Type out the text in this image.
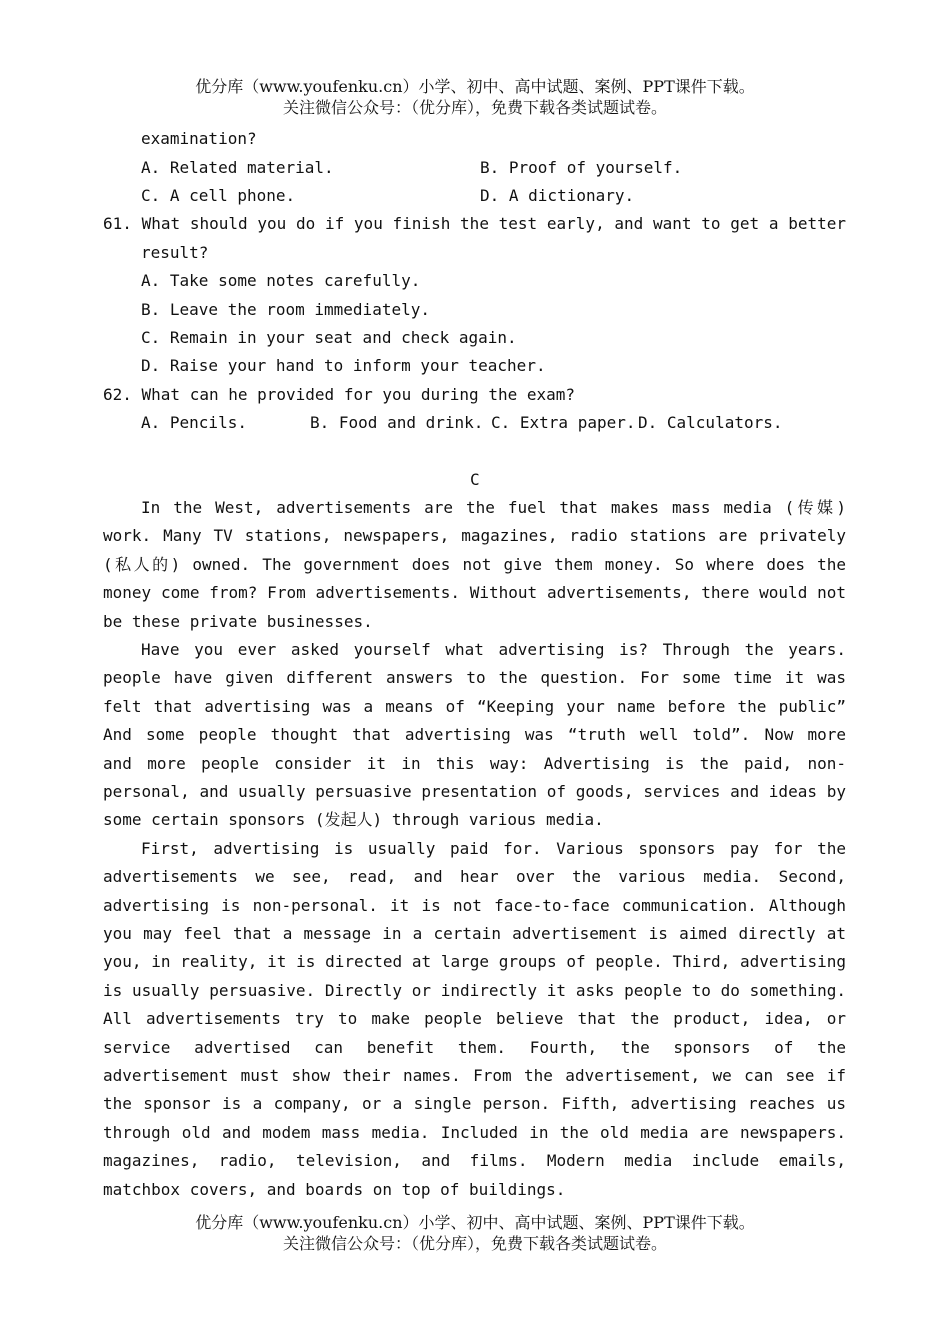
优分库（www.youfenku.cn）小学、初中、高中试题、案例、PPT课件下载。
关注微信公众号：（优分库），免费下载各类试题试卷。
examination?
A. Related material.	B. Proof of yourself.
C. A cell phone.	D. A dictionary.
61. What should you do if you finish the test early, and want to get a better
result?
A. Take some notes carefully.
B. Leave the room immediately.
C. Remain in your seat and check again.
D. Raise your hand to inform your teacher.
62. What can he provided for you during the exam?
A. Pencils.	B. Food and drink. C. Extra paper. D. Calculators.
C
In the West, advertisements are the fuel that makes mass media (传媒)
work. Many TV stations, newspapers, magazines, radio stations are privately
(私人的) owned. The government does not give them money. So where does the
money come from? From advertisements. Without advertisements, there would not
be these private businesses.
Have you ever asked yourself what advertising is? Through the years.
people have given different answers to the question. For some time it was
felt that advertising was a means of “Keeping your name before the public”
And some people thought that advertising was “truth well told”. Now more
and more people consider it in this way: Advertising is the paid, non-
personal, and usually persuasive presentation of goods, services and ideas by
some certain sponsors (发起人) through various media.
First, advertising is usually paid for. Various sponsors pay for the
advertisements we see, read, and hear over the various media. Second,
advertising is non-personal. it is not face-to-face communication. Although
you may feel that a message in a certain advertisement is aimed directly at
you, in reality, it is directed at large groups of people. Third, advertising
is usually persuasive. Directly or indirectly it asks people to do something.
All advertisements try to make people believe that the product, idea, or
service advertised can benefit them. Fourth, the sponsors of the
advertisement must show their names. From the advertisement, we can see if
the sponsor is a company, or a single person. Fifth, advertising reaches us
through old and modem mass media. Included in the old media are newspapers.
magazines, radio, television, and films. Modern media include emails,
matchbox covers, and boards on top of buildings.
优分库（www.youfenku.cn）小学、初中、高中试题、案例、PPT课件下载。
关注微信公众号：（优分库），免费下载各类试题试卷。
